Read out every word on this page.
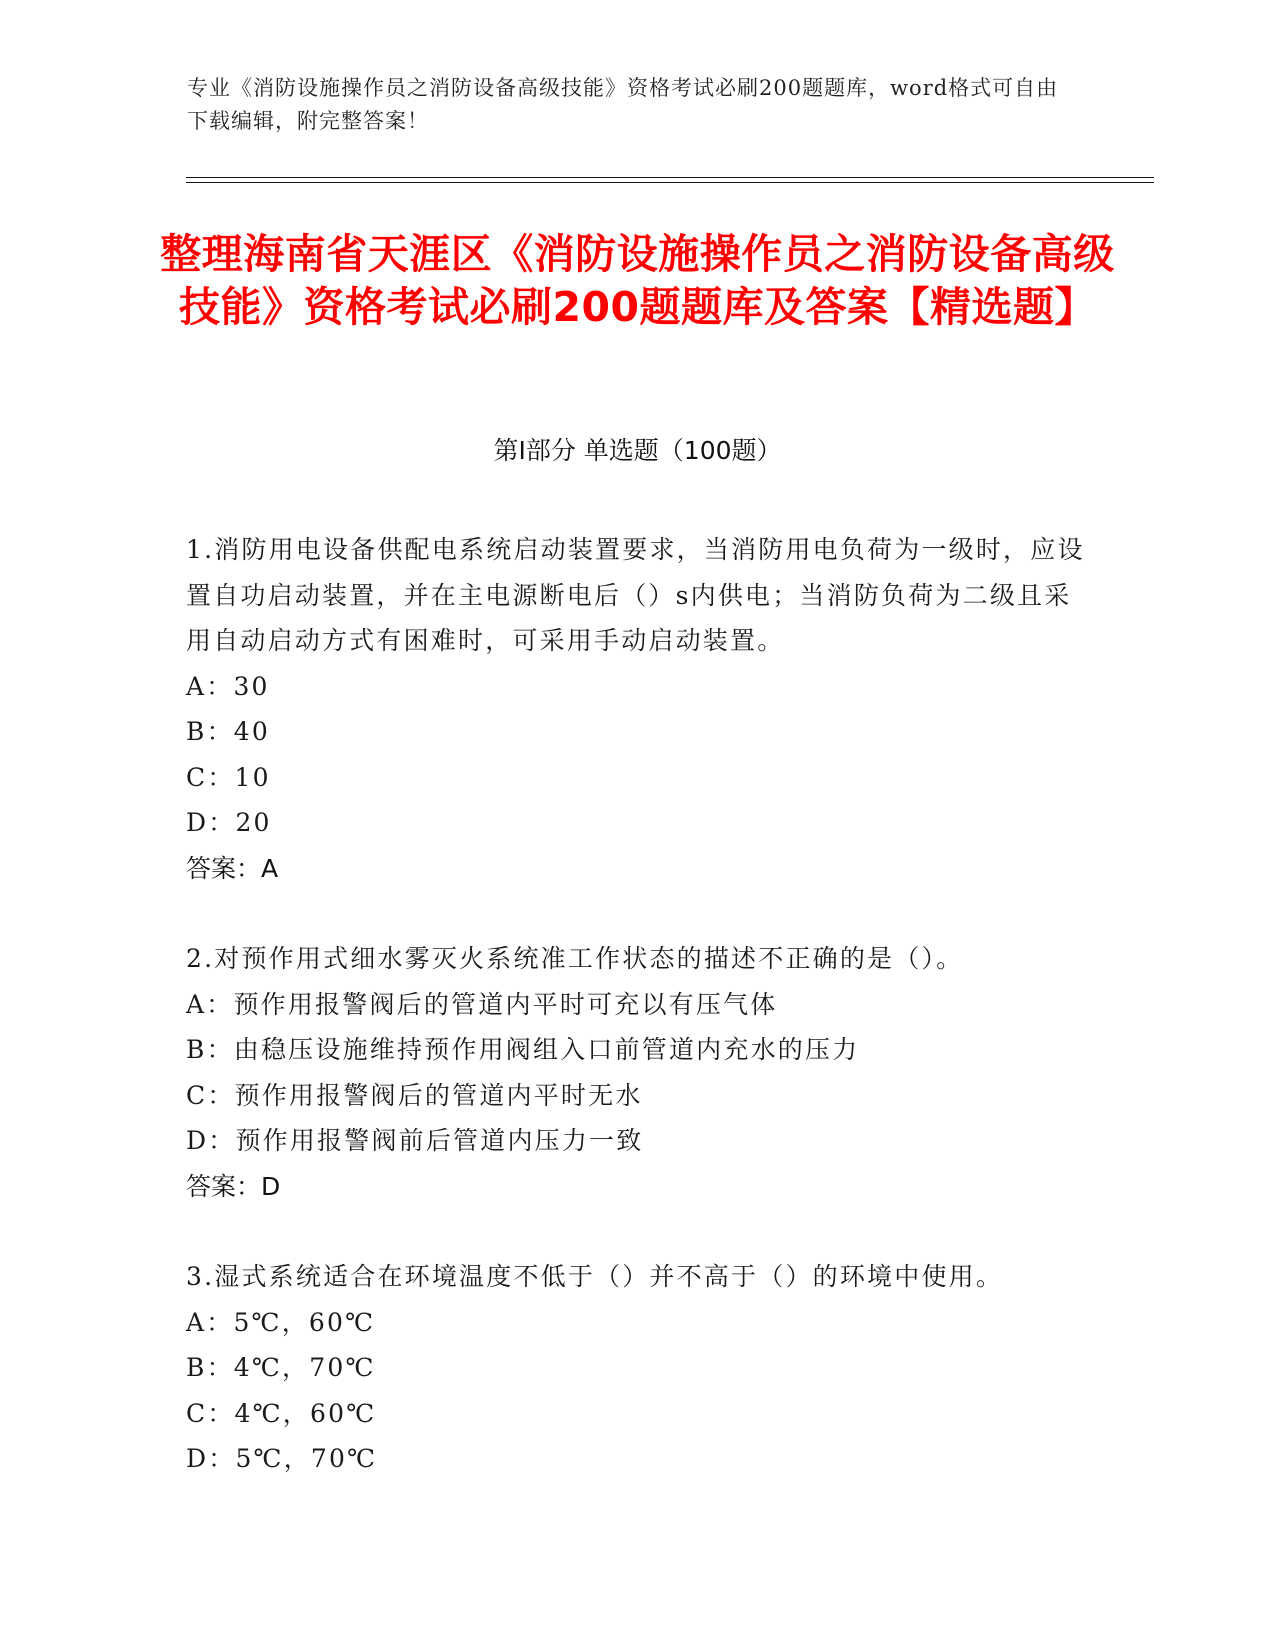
专业《消防设施操作员之消防设备高级技能》资格考试必刷200题题库，word格式可自由下载编辑，附完整答案！
整理海南省天涯区《消防设施操作员之消防设备高级技能》资格考试必刷200题题库及答案【精选题】
第Ⅰ部分 单选题（100题）

1.消防用电设备供配电系统启动装置要求，当消防用电负荷为一级时，应设置自功启动装置，并在主电源断电后（）s内供电；当消防负荷为二级且采用自动启动方式有困难时，可采用手动启动装置。

A：30

B：40

C：10

D：20

答案：A

2.对预作用式细水雾灭火系统准工作状态的描述不正确的是（）。

A：预作用报警阀后的管道内平时可充以有压气体

B：由稳压设施维持预作用阀组入口前管道内充水的压力

C：预作用报警阀后的管道内平时无水

D：预作用报警阀前后管道内压力一致

答案：D

3.湿式系统适合在环境温度不低于（）并不高于（）的环境中使用。

A：5℃，60℃

B：4℃，70℃

C：4℃，60℃

D：5℃，70℃
